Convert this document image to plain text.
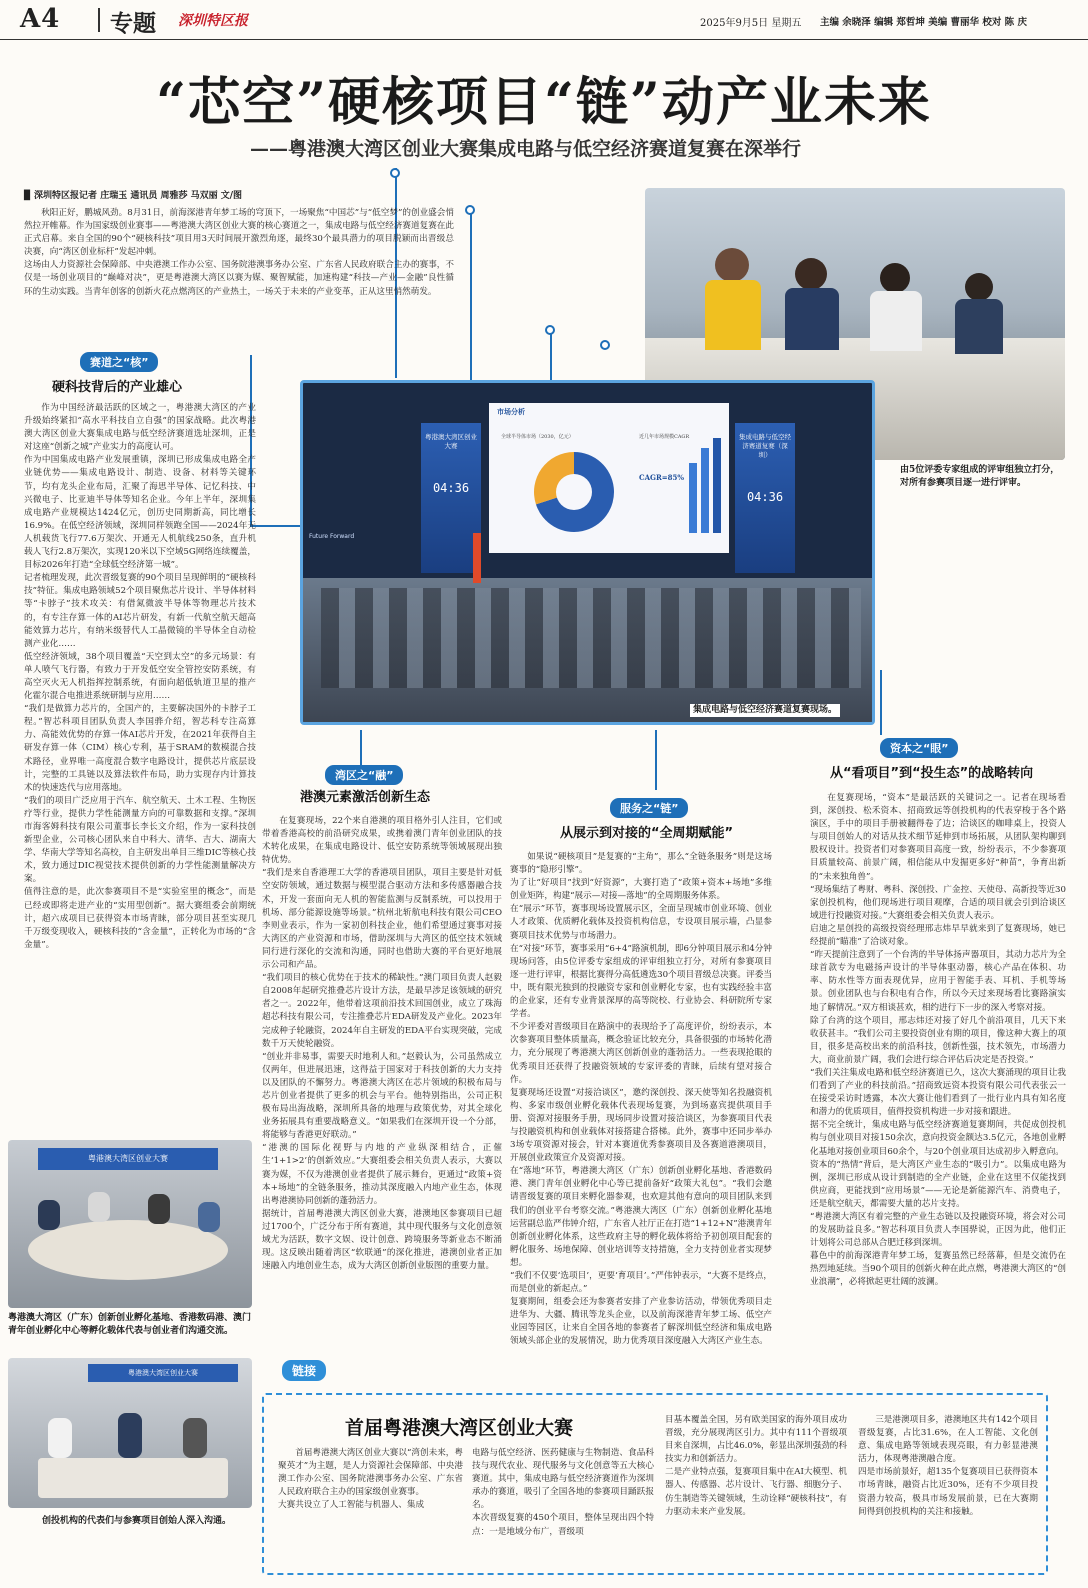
A4 专题 深圳特区报	2025年9月5日 星期五 主编 余晓泽 编辑 郑哲坤 美编 曹丽华 校对 陈 庆
“芯空”硬核项目“链”动产业未来
——粤港澳大湾区创业大赛集成电路与低空经济赛道复赛在深举行
▉ 深圳特区报记者 庄瑞玉 通讯员 周雅莎 马双丽 文/图
秋阳正好，鹏城风劲。8月31日，前海深港青年梦工场的穹顶下，一场聚焦“中国芯”与“低空梦”的创业盛会悄然拉开帷幕。作为国家级创业赛事——粤港澳大湾区创业大赛的核心赛道之一，集成电路与低空经济赛道复赛在此正式启幕。来自全国的90个“硬核科技”项目用3天时间展开激烈角逐，最终30个最具潜力的项目脱颖而出晋级总决赛，向“湾区创业标杆”发起冲刺。
这场由人力资源社会保障部、中央港澳工作办公室、国务院港澳事务办公室、广东省人民政府联合主办的赛事，不仅是一场创业项目的“巅峰对决”，更是粤港澳大湾区以赛为媒、聚智赋能，加速构建“科技—产业—金融”良性循环的生动实践。当青年创客的创新火花点燃湾区的产业热土，一场关于未来的产业变革，正从这里悄然萌发。
由5位评委专家组成的评审组独立打分，对所有参赛项目逐一进行评审。
粤港澳大湾区创业大赛
04:36
Future Forward
市场分析
全球半导体市场（2030，亿元）	近几年市场规模CAGR
CAGR=85%
集成电路与低空经济赛道复赛（深圳）
04:36
集成电路与低空经济赛道复赛现场。
赛道之“核”
硬科技背后的产业雄心
作为中国经济最活跃的区域之一，粤港澳大湾区的产业升级始终紧扣“高水平科技自立自强”的国家战略。此次粤港澳大湾区创业大赛集成电路与低空经济赛道选址深圳，正是对这座“创新之城”产业实力的高度认可。
作为中国集成电路产业发展重镇，深圳已形成集成电路全产业链优势——集成电路设计、制造、设备、材料等关键环节，均有龙头企业布局，汇聚了海思半导体、记忆科技、中兴微电子、比亚迪半导体等知名企业。今年上半年，深圳集成电路产业规模达1424亿元，创历史同期新高，同比增长16.9%。在低空经济领域，深圳同样领跑全国——2024年无人机载货飞行77.6万架次、开通无人机航线250条，直升机载人飞行2.8万架次，实现120米以下空域5G网络连续覆盖，目标2026年打造“全球低空经济第一城”。
记者梳理发现，此次晋级复赛的90个项目呈现鲜明的“硬核科技”特征。集成电路领域52个项目聚焦芯片设计、半导体材料等“卡脖子”技术攻关：有借氮微波半导体等物理芯片技术的，有专注存算一体的AI芯片研发，有新一代航空航天超高能效算力芯片，有纳米级替代人工晶微镜的半导体全自动检测产业化……
低空经济领域，38个项目覆盖“天空到太空”的多元场景：有单人喷气飞行器，有致力于开发低空安全管控安防系统，有高空灭火无人机指挥控制系统，有面向超低轨道卫星的推产化霍尔混合电推进系统研制与应用……
“我们是做算力芯片的，全国产的，主要解决国外的卡脖子工程。”智芯科项目团队负责人李国骅介绍，智芯科专注高算力、高能效优势的存算一体AI芯片开发，在2021年获得自主研发存算一体（CIM）核心专利，基于SRAM的数模混合技术路径，业界唯一高度混合数字电路设计，提供芯片底层设计，完整的工具链以及算法软件布局，助力实现存内计算技术的快速迭代与应用落地。
“我们的项目广泛应用于汽车、航空航天、土木工程、生物医疗等行业，提供力学性能测量方向的可靠数据和支撑。”深圳市海客姆科技有限公司董事长李长文介绍，作为一家科技创新型企业，公司核心团队来自中科大、清华、吉大、湖南大学、华南大学等知名高校，自主研发出单目三维DIC等核心技术，致力通过DIC视觉技术提供创新的力学性能测量解决方案。
值得注意的是，此次参赛项目不是“实验室里的概念”，而是已经或即将走进产业的“实用型创新”。据大赛组委会前期统计，超六成项目已获得资本市场青睐，部分项目甚至实现几千万级变现收入，硬核科技的“含金量”，正转化为市场的“含金量”。
湾区之“融”
港澳元素激活创新生态
在复赛现场，22个来自港澳的项目格外引人注目，它们或带着香港高校的前沿研究成果，或携着澳门青年创业团队的技术转化成果，在集成电路设计、低空安防系统等领域展现出独特优势。
“我们是来自香港理工大学的香港项目团队，项目主要是针对低空安防领域，通过数据与模型混合驱动方法和多传感器融合技术，开发一套面向无人机的智能监测与反制系统，可以投用于机场、部分能源设施等场景。”杭州北斩航电科技有限公司CEO李则业表示，作为一家初创科技企业，他们希望通过赛事对接大湾区的产业资源和市场，借助深圳与大湾区的低空技术领域同行进行深化的交流和沟通，同时也借助大赛的平台更好地展示公司和产品。
“我们项目的核心优势在于技术的稀缺性。”澳门项目负责人赵毅自2008年起研究推叠芯片设计方法，是最早涉足该领域的研究者之一。2022年，他带着这项前沿技术回国创业，成立了珠海超芯科技有限公司，专注推叠芯片EDA研发及产业化。2023年完成种子轮融资，2024年自主研发的EDA平台实现突破，完成数千万天使轮融资。
“创业并非易事，需要天时地利人和。”赵毅认为，公司虽然成立仅两年，但进展迅速，这得益于国家对于科技创新的大力支持以及团队的不懈努力。粤港澳大湾区在芯片领域的积极布局与芯片创业者提供了更多的机会与平台。他特别指出，公司正积极布局出海战略，深圳所具备的地理与政策优势，对其全球化业务拓展具有重要战略意义。“如果我们在深圳开设一个分部，将能够与香港更好联动。”
“港澳的国际化视野与内地的产业纵深相结合，正催生‘1+1>2’的创新效应。”大赛组委会相关负责人表示，大赛以赛为媒，不仅为港澳创业者提供了展示舞台，更通过“政策+资本+场地”的全链条服务，推动其深度融入内地产业生态，体现出粤港澳协同创新的蓬勃活力。
据统计，首届粤港澳大湾区创业大赛，港澳地区参赛项目已超过1700个，广泛分布于所有赛道，其中现代服务与文化创意领域尤为活跃，数字文娱、设计创意、跨境服务等新业态不断涌现。这反映出随着湾区“软联通”的深化推进，港澳创业者正加速融入内地创业生态，成为大湾区创新创业版图的重要力量。
服务之“链”
从展示到对接的“全周期赋能”
如果说“硬核项目”是复赛的“主角”，那么“全链条服务”则是这场赛事的“隐形引擎”。
为了让“好项目”找到“好资源”，大赛打造了“政策+资本+场地”多维创业矩阵，构建“展示—对接—落地”的全周期服务体系。
在“展示”环节，赛事现场设置展示区，全面呈现城市创业环境、创业人才政策、优质孵化载体及投资机构信息，专设项目展示墙，凸显参赛项目技术优势与市场潜力。
在“对接”环节，赛事采用“6+4”路演机制，即6分钟项目展示和4分钟现场问答，由5位评委专家组成的评审组独立打分，对所有参赛项目逐一进行评审，根据比赛得分高低遴选30个项目晋级总决赛。评委当中，既有限光独到的投融资专家和创业孵化专家，也有实践经验丰富的企业家，还有专业背景深厚的高等院校、行业协会、科研院所专家学者。
不少评委对晋级项目在路演中的表现给予了高度评价，纷纷表示，本次参赛项目整体质量高，概念验证比较充分，具备很强的市场转化潜力，充分展现了粤港澳大湾区创新创业的蓬勃活力。一些表现抢眼的优秀项目还获得了投融资领域的专家评委的青睐，后续有望对接合作。
复赛现场还设置“对接洽谈区”，邀约深创投、深天使等知名投融资机构、多家市级创业孵化载体代表现场复赛，为到场嘉宾提供项目手册、资源对接服务手册，现场同步设置对接洽谈区，为参赛项目代表与投融资机构和创业载体对接搭建合搭梯。此外，赛事中还同步举办3场专项资源对接会，针对本赛道优秀参赛项目及各赛道港澳项目，开展创业政策宣介及资源对接。
在“落地”环节，粤港澳大湾区（广东）创新创业孵化基地、香港数码港、澳门青年创业孵化中心等已提前备好“政策大礼包”。“我们会邀请晋级复赛的项目来孵化器参观，也欢迎其他有意向的项目团队来到我们的创业平台考察交流。”粤港澳大湾区（广东）创新创业孵化基地运营副总监严伟钟介绍，广东省人社厅正在打造“1+12+N”港澳青年创新创业孵化体系，这些政府主导的孵化载体将给予初创项目配套的孵化服务、场地保障、创业培训等支持措施，全力支持创业者实现梦想。
“我们不仅要‘选项目’，更要‘育项目’。”严伟钟表示，“大赛不是终点，而是创业的新起点。”
复赛期间，组委会还为参赛者安排了产业参访活动，带领优秀项目走进华为、大疆、腾讯等龙头企业，以及前海深港青年梦工场、低空产业园等园区，让来自全国各地的参赛者了解深圳低空经济和集成电路领域头部企业的发展情况，助力优秀项目深度融入大湾区产业生态。
资本之“眼”
从“看项目”到“投生态”的战略转向
在复赛现场，“资本”是最活跃的关键词之一。记者在现场看到，深创投、松禾资本、招商致远等创投机构的代表穿梭于各个路演区，手中的项目手册被翻得卷了边；洽谈区的咖啡桌上，投资人与项目创始人的对话从技术细节延伸到市场拓展，从团队架构聊到股权设计。投资者们对参赛项目高度一致，纷纷表示，不少参赛项目质量较高、前景广阔，相信能从中发掘更多好“种苗”，争育出新的“未来独角兽”。
“现场集结了粤财、粤科、深创投、广金控、天使母、高新投等近30家创投机构，他们现场进行项目观摩，合适的项目就会引到洽谈区域进行投融资对接。”大赛组委会相关负责人表示。
启迪之星创投的高级投资经理邢志炜早早就来到了复赛现场，她已经提前“瞄准”了洽谈对象。
“昨天提前注意到了一个台湾的半导体扬声器项目，其动力芯片为全球首款专为电磁扬声设计的半导体驱动器，核心产品在体积、功率、防水性等方面表现优异，应用于智能手表、耳机、手机等场景。创业团队也与台积电有合作，所以今天过来现场看比赛路演实地了解情况。”双方相谈甚欢，相约进行下一步的深入考察对接。
除了台湾的这个项目，邢志炜还对接了好几个前沿项目，几天下来收获甚丰。“我们公司主要投资创业有期的项目，像这种大赛上的项目，很多是高校出来的前沿科技，创新性强，技术领先，市场潜力大，商业前景广阔，我们会进行综合评估后决定是否投资。”
“我们关注集成电路和低空经济赛道已久，这次大赛涌现的项目让我们看到了产业的科技前沿。”招商致远资本投资有限公司代表张云一在接受采访时透露，本次大赛让他们看到了一批行业内具有知名度和潜力的优质项目，值得投资机构进一步对接和跟进。
据不完全统计，集成电路与低空经济赛道复赛期间，共促成创投机构与创业项目对接150余次，意向投资金额达3.5亿元，各地创业孵化基地对接创业项目60余个，与20个创业项目达成初步入孵意向。
资本的“热情”背后，是大湾区产业生态的“吸引力”。以集成电路为例，深圳已形成从设计到制造的全产业链，企业在这里不仅能找到供应商，更能找到“应用场景”——无论是新能源汽车、消费电子，还是航空航天，都需要大量的芯片支持。
“粤港澳大湾区有着完整的产业生态链以及投融资环境，将会对公司的发展助益良多。”智芯科项目负责人李国骅说，正因为此，他们正计划将公司总部从合肥迁移到深圳。
暮色中的前海深港青年梦工场，复赛虽然已经落幕，但是交流仍在热烈地延续。当90个项目的创新火种在此点燃，粤港澳大湾区的“创业浪潮”，必将掀起更壮阔的波澜。
粤港澳大湾区创业大赛
粤港澳大湾区（广东）创新创业孵化基地、香港数码港、澳门青年创业孵化中心等孵化载体代表与创业者们沟通交流。
粤港澳大湾区创业大赛
创投机构的代表们与参赛项目创始人深入沟通。
链接
首届粤港澳大湾区创业大赛
首届粤港澳大湾区创业大赛以“湾创未来，粤聚英才”为主题，是人力资源社会保障部、中央港澳工作办公室、国务院港澳事务办公室、广东省人民政府联合主办的国家级创业赛事。
大赛共设立了人工智能与机器人、集成
电路与低空经济、医药健康与生物制造、食品科技与现代农业、现代服务与文化创意等五大核心赛道。其中，集成电路与低空经济赛道作为深圳承办的赛道，吸引了全国各地的参赛项目踊跃报名。
本次晋级复赛的450个项目，整体呈现出四个特点：一是地域分布广，晋级项
目基本覆盖全国，另有欧美国家的海外项目成功晋级，充分展现湾区引力。其中有111个晋级项目来自深圳，占比46.0%，彰显出深圳强劲的科技实力和创新活力。
二是产业特点强，复赛项目集中在AI大模型、机器人、传感器、芯片设计、飞行器、细胞分子、仿生制造等关键领域，生动诠释“硬核科技”，有力驱动未来产业发展。
三是港澳项目多，港澳地区共有142个项目晋级复赛，占比31.6%，在人工智能、文化创意、集成电路等领域表现亮眼，有力彰显港澳活力，体现粤港澳融合度。
四是市场前景好，超135个复赛项目已获得资本市场青睐，融资占比近30%，还有不少项目投资潜力较高，极具市场发展前景，已在大赛期间得到创投机构的关注和接触。
